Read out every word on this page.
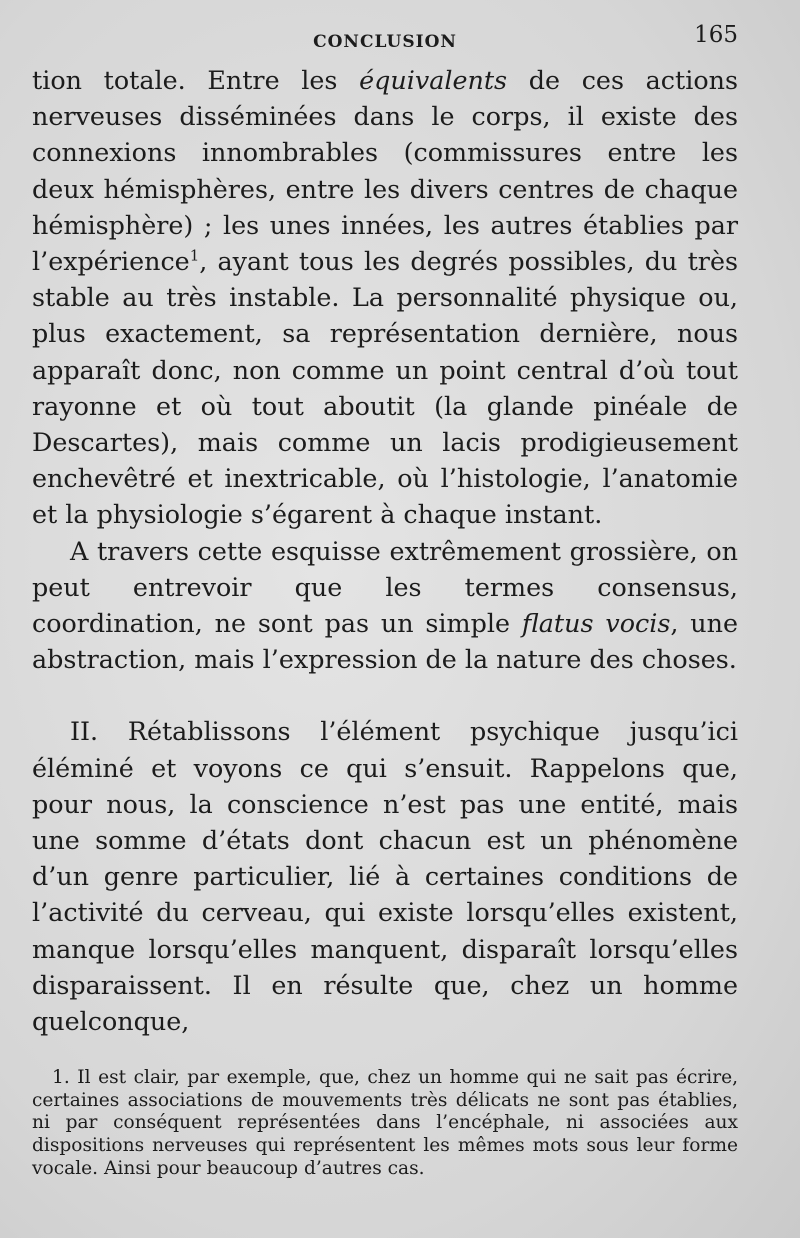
CONCLUSION	165

tion totale. Entre les équivalents de ces actions nerveuses disséminées dans le corps, il existe des connexions innombrables (commissures entre les deux hémisphères, entre les divers centres de chaque hémisphère) ; les unes innées, les autres établies par l’expérience$^1$, ayant tous les degrés possibles, du très stable au très instable. La personnalité physique ou, plus exactement, sa représentation dernière, nous apparaît donc, non comme un point central d’où tout rayonne et où tout aboutit (la glande pinéale de Descartes), mais comme un lacis prodigieusement enchevêtré et inextricable, où l’histologie, l’anatomie et la physiologie s’égarent à chaque instant.

A travers cette esquisse extrêmement grossière, on peut entrevoir que les termes consensus, coordination, ne sont pas un simple flatus vocis, une abstraction, mais l’expression de la nature des choses.

II. Rétablissons l’élément psychique jusqu’ici éléminé et voyons ce qui s’ensuit. Rappelons que, pour nous, la conscience n’est pas une entité, mais une somme d’états dont chacun est un phénomène d’un genre particulier, lié à certaines conditions de l’activité du cerveau, qui existe lorsqu’elles existent, manque lorsqu’elles manquent, disparaît lorsqu’elles disparaissent. Il en résulte que, chez un homme quelconque,

1. Il est clair, par exemple, que, chez un homme qui ne sait pas écrire, certaines associations de mouvements très délicats ne sont pas établies, ni par conséquent représentées dans l’encéphale, ni associées aux dispositions nerveuses qui représentent les mêmes mots sous leur forme vocale. Ainsi pour beaucoup d’autres cas.
